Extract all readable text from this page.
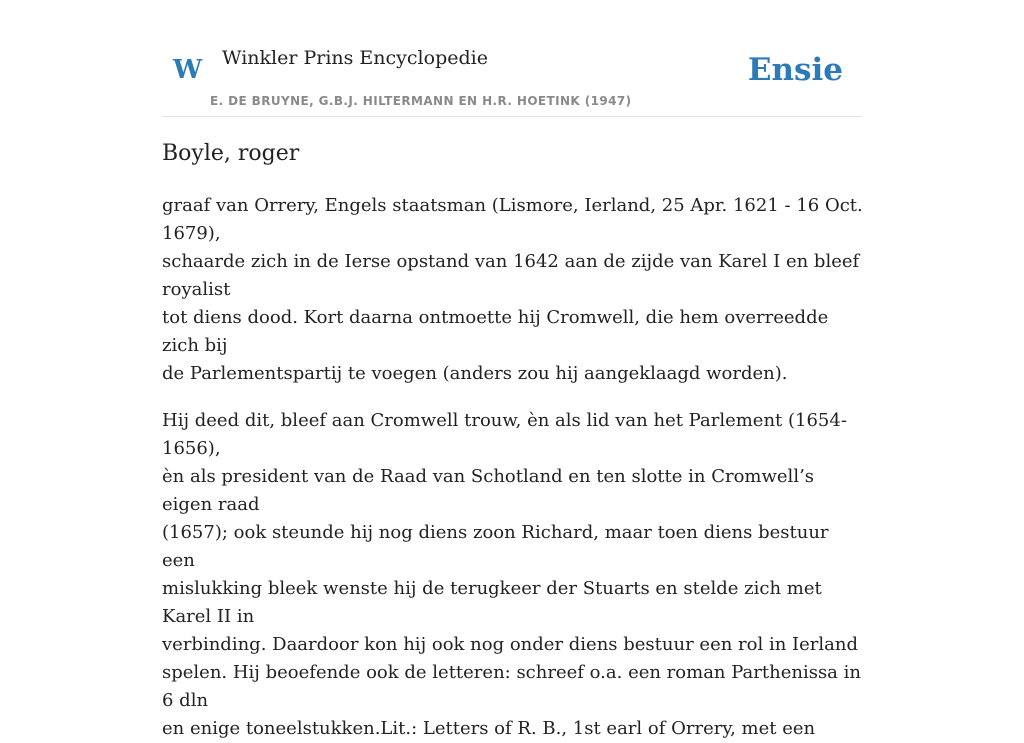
W Winkler Prins Encyclopedie
E. DE BRUYNE, G.B.J. HILTERMANN EN H.R. HOETINK (1947)
Ensie
Boyle, roger

graaf van Orrery, Engels staatsman (Lismore, Ierland, 25 Apr. 1621 - 16 Oct. 1679),
schaarde zich in de Ierse opstand van 1642 aan de zijde van Karel I en bleef royalist
tot diens dood. Kort daarna ontmoette hij Cromwell, die hem overreedde zich bij
de Parlementspartij te voegen (anders zou hij aangeklaagd worden).

Hij deed dit, bleef aan Cromwell trouw, èn als lid van het Parlement (1654-1656),
èn als president van de Raad van Schotland en ten slotte in Cromwell’s eigen raad
(1657); ook steunde hij nog diens zoon Richard, maar toen diens bestuur een
mislukking bleek wenste hij de terugkeer der Stuarts en stelde zich met Karel II in
verbinding. Daardoor kon hij ook nog onder diens bestuur een rol in Ierland
spelen. Hij beoefende ook de letteren: schreef o.a. een roman Parthenissa in 6 dln
en enige toneelstukken.Lit.: Letters of R. B., 1st earl of Orrery, met een
